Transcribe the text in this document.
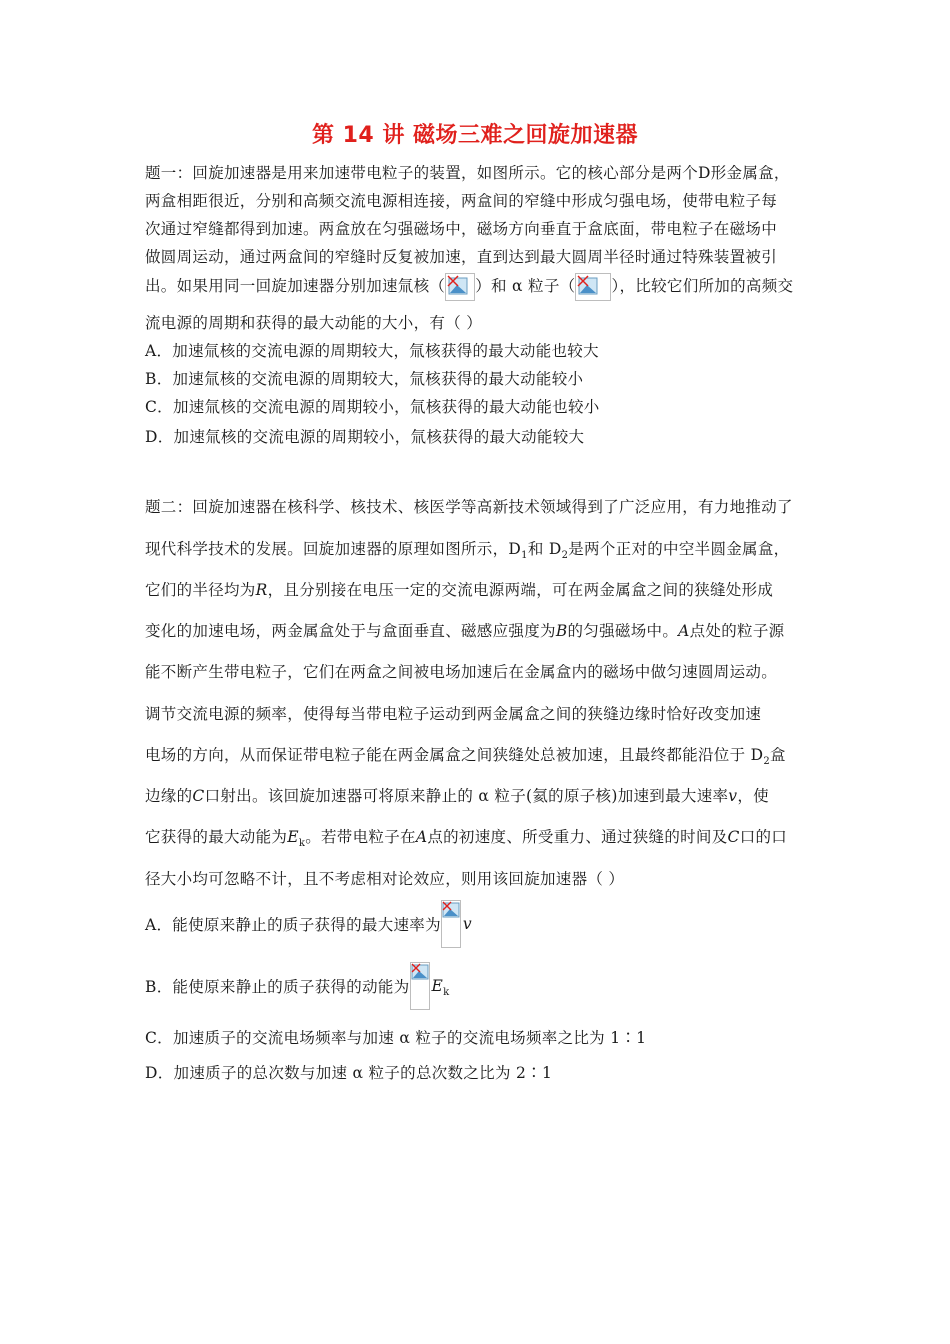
第 14 讲 磁场三难之回旋加速器
题一：回旋加速器是用来加速带电粒子的装置，如图所示。它的核心部分是两个D形金属盒，
两盒相距很近，分别和高频交流电源相连接，两盒间的窄缝中形成匀强电场，使带电粒子每
次通过窄缝都得到加速。两盒放在匀强磁场中，磁场方向垂直于盒底面，带电粒子在磁场中
做圆周运动，通过两盒间的窄缝时反复被加速，直到达到最大圆周半径时通过特殊装置被引
出。如果用同一回旋加速器分别加速氚核（ ）和 α 粒子（ ），比较它们所加的高频交
流电源的周期和获得的最大动能的大小，有（ ）
A．加速氚核的交流电源的周期较大，氚核获得的最大动能也较大
B．加速氚核的交流电源的周期较大，氚核获得的最大动能较小
C．加速氚核的交流电源的周期较小，氚核获得的最大动能也较小
D．加速氚核的交流电源的周期较小，氚核获得的最大动能较大
题二：回旋加速器在核科学、核技术、核医学等高新技术领域得到了广泛应用，有力地推动了
现代科学技术的发展。回旋加速器的原理如图所示，$D_1$和 $D_2$是两个正对的中空半圆金属盒，
它们的半径均为R，且分别接在电压一定的交流电源两端，可在两金属盒之间的狭缝处形成
变化的加速电场，两金属盒处于与盒面垂直、磁感应强度为B的匀强磁场中。A点处的粒子源
能不断产生带电粒子，它们在两盒之间被电场加速后在金属盒内的磁场中做匀速圆周运动。
调节交流电源的频率，使得每当带电粒子运动到两金属盒之间的狭缝边缘时恰好改变加速
电场的方向，从而保证带电粒子能在两金属盒之间狭缝处总被加速，且最终都能沿位于 $D_2$盒
边缘的C口射出。该回旋加速器可将原来静止的 α 粒子(氦的原子核)加速到最大速率v，使
它获得的最大动能为$E_k$。若带电粒子在A点的初速度、所受重力、通过狭缝的时间及C口的口
径大小均可忽略不计，且不考虑相对论效应，则用该回旋加速器（ ）
A．能使原来静止的质子获得的最大速率为 v
B．能使原来静止的质子获得的动能为 $E_k$
C．加速质子的交流电场频率与加速 α 粒子的交流电场频率之比为 1∶1
D．加速质子的总次数与加速 α 粒子的总次数之比为 2∶1
